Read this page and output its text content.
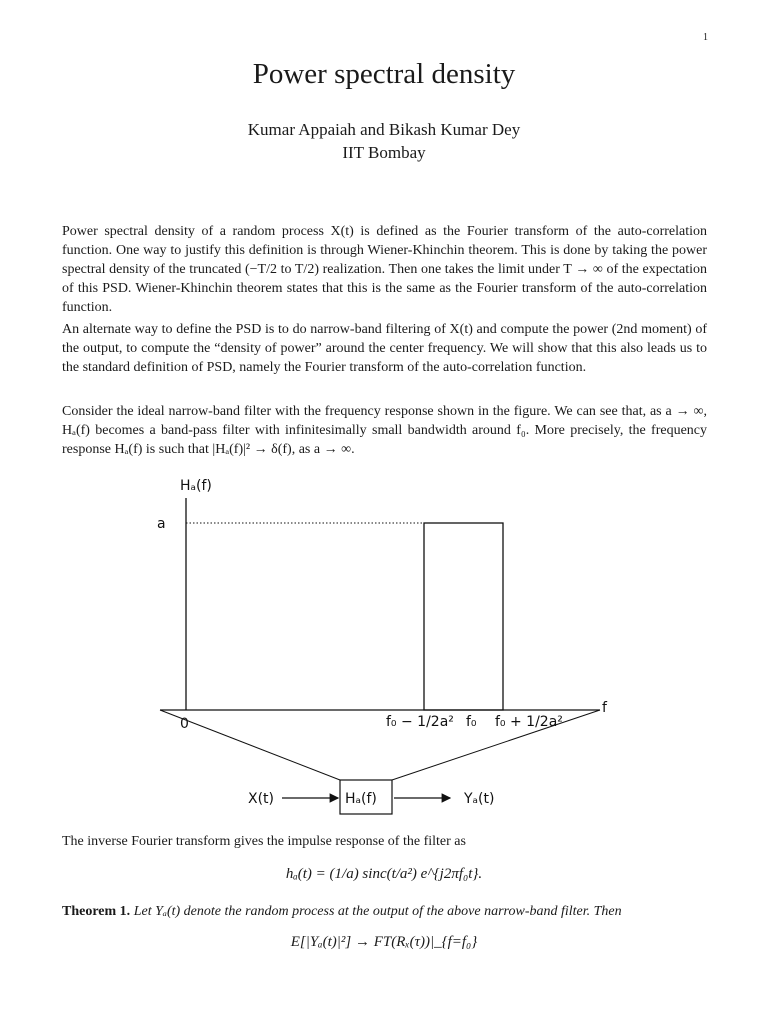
1
Power spectral density
Kumar Appaiah and Bikash Kumar Dey
IIT Bombay

Power spectral density of a random process X(t) is defined as the Fourier transform of the auto-correlation function. One way to justify this definition is through Wiener-Khinchin theorem. This is done by taking the power spectral density of the truncated (−T/2 to T/2) realization. Then one takes the limit under T → ∞ of the expectation of this PSD. Wiener-Khinchin theorem states that this is the same as the Fourier transform of the auto-correlation function.

An alternate way to define the PSD is to do narrow-band filtering of X(t) and compute the power (2nd moment) of the output, to compute the “density of power” around the center frequency. We will show that this also leads us to the standard definition of PSD, namely the Fourier transform of the auto-correlation function.

Consider the ideal narrow-band filter with the frequency response shown in the figure. We can see that, as a → ∞, Hₐ(f) becomes a band-pass filter with infinitesimally small bandwidth around f₀. More precisely, the frequency response Hₐ(f) is such that |Hₐ(f)|² → δ(f), as a → ∞.

Hₐ(f)
a
f
0	f₀ − 1/2a² f₀ f₀ + 1/2a²
X(t)	Hₐ(f)	Yₐ(t)

The inverse Fourier transform gives the impulse response of the filter as

hₐ(t) = (1/a) sinc(t/a²) e^{j2πf₀t}.
Theorem 1. Let Yₐ(t) denote the random process at the output of the above narrow-band filter. Then
E[|Yₐ(t)|²] → FT(Rₓ(τ))|_{f=f₀}
